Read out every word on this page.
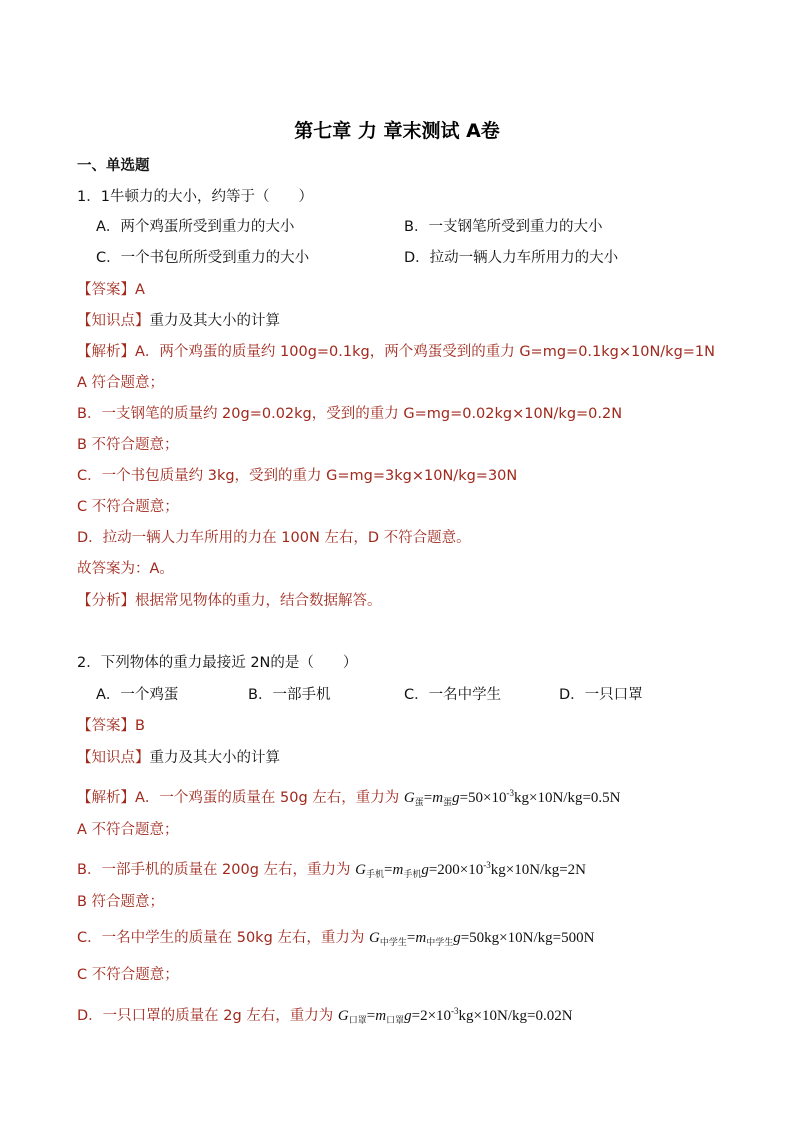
第七章 力 章末测试 A卷
一、单选题
1．1牛顿力的大小，约等于（　　）
A．两个鸡蛋所受到重力的大小	B．一支钢笔所受到重力的大小
C．一个书包所所受到重力的大小	D．拉动一辆人力车所用力的大小
【答案】A
【知识点】重力及其大小的计算
【解析】A．两个鸡蛋的质量约 100g=0.1kg，两个鸡蛋受到的重力 G=mg=0.1kg×10N/kg=1N
A 符合题意；
B．一支钢笔的质量约 20g=0.02kg，受到的重力 G=mg=0.02kg×10N/kg=0.2N
B 不符合题意；
C．一个书包质量约 3kg，受到的重力 G=mg=3kg×10N/kg=30N
C 不符合题意；
D．拉动一辆人力车所用的力在 100N 左右，D 不符合题意。
故答案为：A。
【分析】根据常见物体的重力，结合数据解答。
2．下列物体的重力最接近 2N的是（　　）
A．一个鸡蛋	B．一部手机	C．一名中学生	D．一只口罩
【答案】B
【知识点】重力及其大小的计算
【解析】A．一个鸡蛋的质量在 50g 左右，重力为 $G_蛋=m_蛋g=50\times 10^{-3}kg\times 10N/kg=0.5N$
A 不符合题意；
B．一部手机的质量在 200g 左右，重力为 $G_{手机}=m_{手机}g=200\times 10^{-3}kg\times 10N/kg=2N$
B 符合题意；
C．一名中学生的质量在 50kg 左右，重力为 $G_{中学生}=m_{中学生}g=50kg\times 10N/kg=500N$
C 不符合题意；
D．一只口罩的质量在 2g 左右，重力为 $G_{口罩}=m_{口罩}g=2\times 10^{-3}kg\times 10N/kg=0.02N$
